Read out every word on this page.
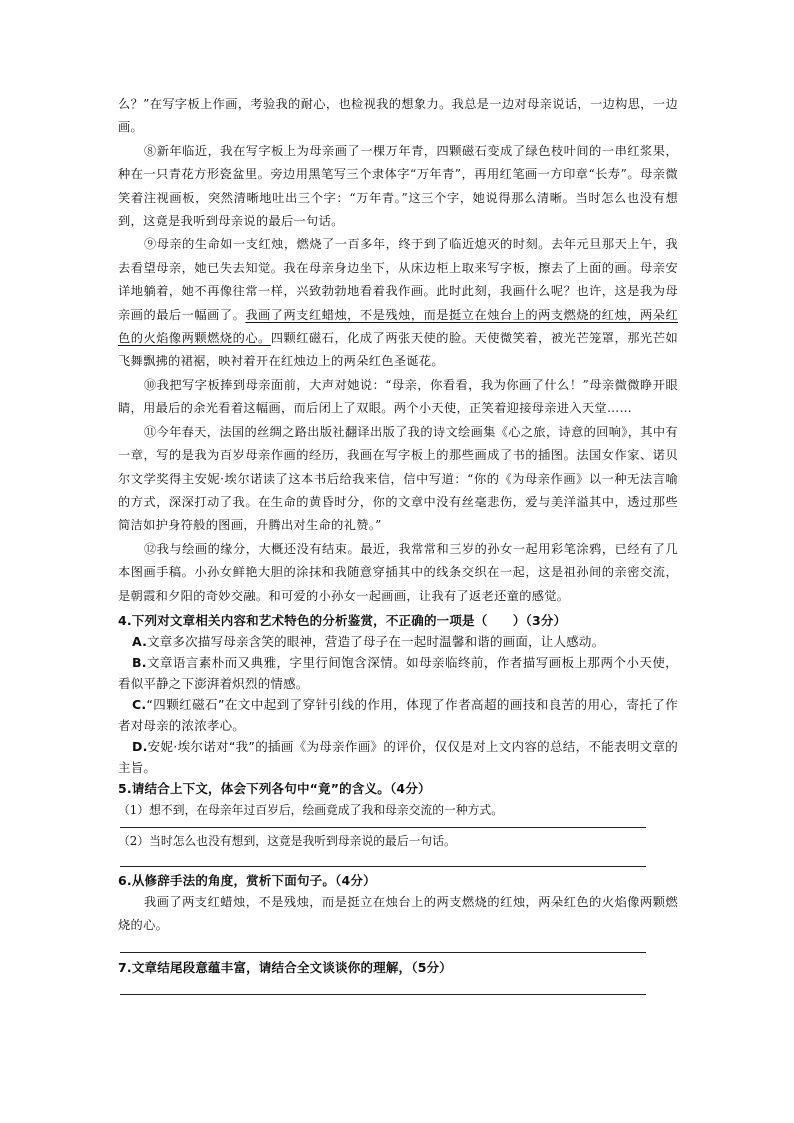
么？”在写字板上作画，考验我的耐心，也检视我的想象力。我总是一边对母亲说话，一边构思，一边画。

⑧新年临近，我在写字板上为母亲画了一棵万年青，四颗磁石变成了绿色枝叶间的一串红浆果，种在一只青花方形瓷盆里。旁边用黑笔写三个隶体字“万年青”，再用红笔画一方印章“长寿”。母亲微笑着注视画板，突然清晰地吐出三个字：“万年青。”这三个字，她说得那么清晰。当时怎么也没有想到，这竟是我听到母亲说的最后一句话。

⑨母亲的生命如一支红烛，燃烧了一百多年，终于到了临近熄灭的时刻。去年元旦那天上午，我去看望母亲，她已失去知觉。我在母亲身边坐下，从床边柜上取来写字板，擦去了上面的画。母亲安详地躺着，她不再像往常一样，兴致勃勃地看着我作画。此时此刻，我画什么呢？也许，这是我为母亲画的最后一幅画了。我画了两支红蜡烛，不是残烛，而是挺立在烛台上的两支燃烧的红烛，两朵红色的火焰像两颗燃烧的心。四颗红磁石，化成了两张天使的脸。天使微笑着，被光芒笼罩，那光芒如飞舞飘拂的裙裾，映衬着开在红烛边上的两朵红色圣诞花。

⑩我把写字板捧到母亲面前，大声对她说：“母亲，你看看，我为你画了什么！”母亲微微睁开眼睛，用最后的余光看着这幅画，而后闭上了双眼。两个小天使，正笑着迎接母亲进入天堂……

⑪今年春天，法国的丝绸之路出版社翻译出版了我的诗文绘画集《心之旅，诗意的回响》，其中有一章，写的是我为百岁母亲作画的经历，我画在写字板上的那些画成了书的插图。法国女作家、诺贝尔文学奖得主安妮·埃尔诺读了这本书后给我来信，信中写道：“你的《为母亲作画》以一种无法言喻的方式，深深打动了我。在生命的黄昏时分，你的文章中没有丝毫悲伤，爱与美洋溢其中，透过那些简洁如护身符般的图画，升腾出对生命的礼赞。”

⑫我与绘画的缘分，大概还没有结束。最近，我常常和三岁的孙女一起用彩笔涂鸦，已经有了几本图画手稿。小孙女鲜艳大胆的涂抹和我随意穿插其中的线条交织在一起，这是祖孙间的亲密交流，是朝霞和夕阳的奇妙交融。和可爱的小孙女一起画画，让我有了返老还童的感觉。

4.下列对文章相关内容和艺术特色的分析鉴赏，不正确的一项是（　　）（3分）

A.文章多次描写母亲含笑的眼神，营造了母子在一起时温馨和谐的画面，让人感动。

B.文章语言素朴而又典雅，字里行间饱含深情。如母亲临终前，作者描写画板上那两个小天使，看似平静之下澎湃着炽烈的情感。

C.“四颗红磁石”在文中起到了穿针引线的作用，体现了作者高超的画技和良苦的用心，寄托了作者对母亲的浓浓孝心。

D.安妮·埃尔诺对“我”的插画《为母亲作画》的评价，仅仅是对上文内容的总结，不能表明文章的主旨。

5.请结合上下文，体会下列各句中“竟”的含义。（4分）

（1）想不到，在母亲年过百岁后，绘画竟成了我和母亲交流的一种方式。

（2）当时怎么也没有想到，这竟是我听到母亲说的最后一句话。

6.从修辞手法的角度，赏析下面句子。（4分）

我画了两支红蜡烛，不是残烛，而是挺立在烛台上的两支燃烧的红烛，两朵红色的火焰像两颗燃烧的心。

7.文章结尾段意蕴丰富，请结合全文谈谈你的理解，（5分）
